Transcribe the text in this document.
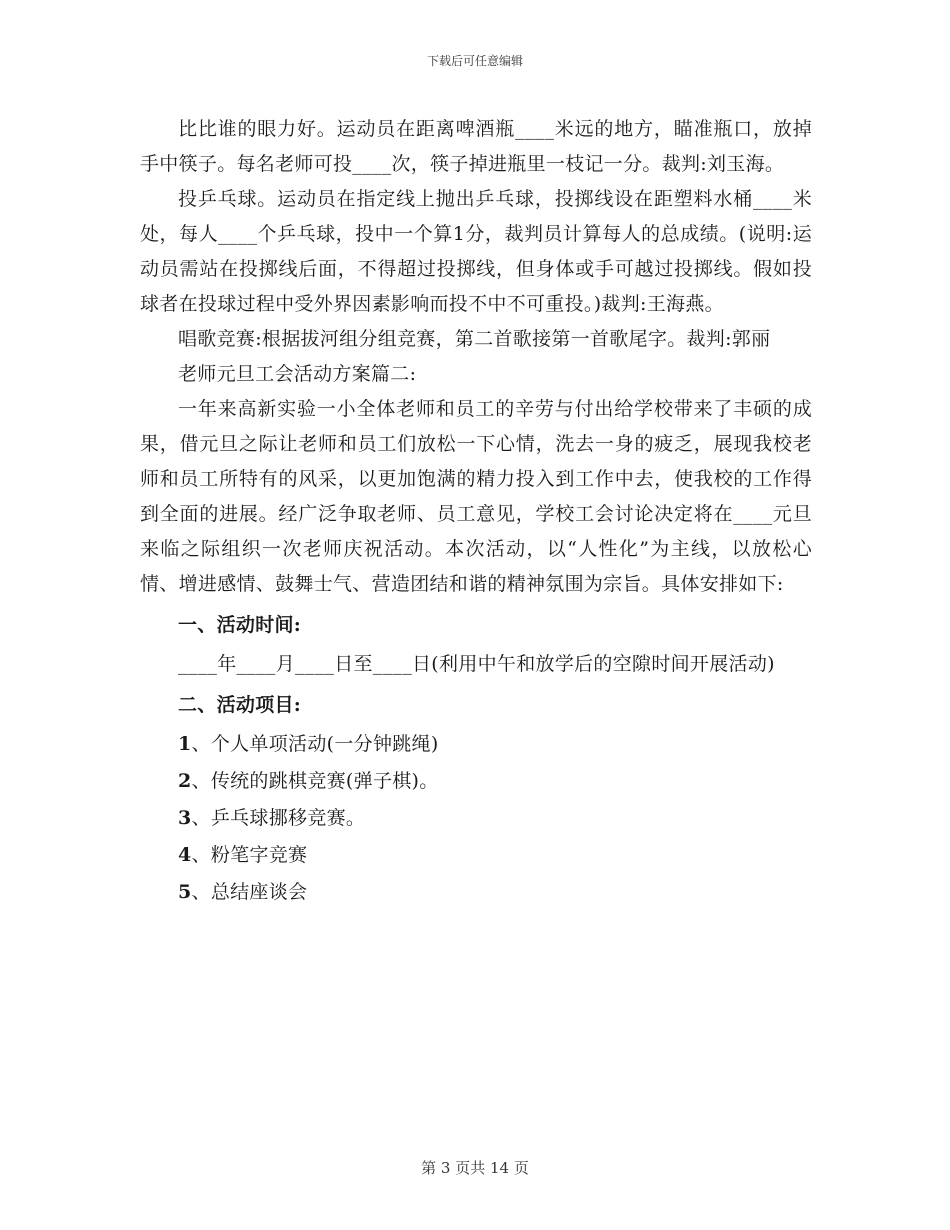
下载后可任意编辑

比比谁的眼力好。运动员在距离啤酒瓶____米远的地方，瞄准瓶口，放掉手中筷子。每名老师可投____次，筷子掉进瓶里一枝记一分。裁判:刘玉海。

投乒乓球。运动员在指定线上抛出乒乓球，投掷线设在距塑料水桶____米处，每人____个乒乓球，投中一个算1分，裁判员计算每人的总成绩。(说明:运动员需站在投掷线后面，不得超过投掷线，但身体或手可越过投掷线。假如投球者在投球过程中受外界因素影响而投不中不可重投。)裁判:王海燕。

唱歌竞赛:根据拔河组分组竞赛，第二首歌接第一首歌尾字。裁判:郭丽

老师元旦工会活动方案篇二:

一年来高新实验一小全体老师和员工的辛劳与付出给学校带来了丰硕的成果，借元旦之际让老师和员工们放松一下心情，洗去一身的疲乏，展现我校老师和员工所特有的风采，以更加饱满的精力投入到工作中去，使我校的工作得到全面的进展。经广泛争取老师、员工意见，学校工会讨论决定将在____元旦来临之际组织一次老师庆祝活动。本次活动，以“人性化”为主线，以放松心情、增进感情、鼓舞士气、营造团结和谐的精神氛围为宗旨。具体安排如下:

一、活动时间:

____年____月____日至____日(利用中午和放学后的空隙时间开展活动)

二、活动项目:

1、个人单项活动(一分钟跳绳)

2、传统的跳棋竞赛(弹子棋)。

3、乒乓球挪移竞赛。

4、粉笔字竞赛

5、总结座谈会

第 3 页共 14 页
